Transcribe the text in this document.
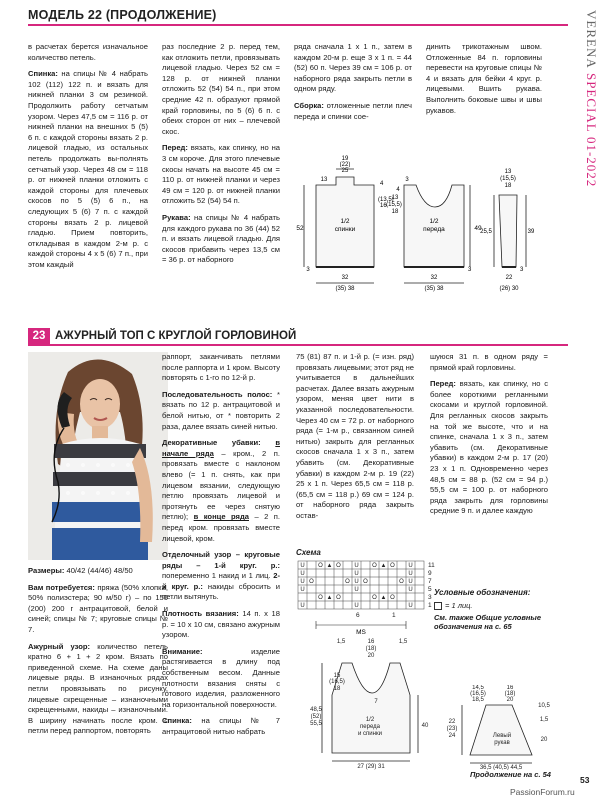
МОДЕЛЬ 22 (ПРОДОЛЖЕНИЕ)	VERENA SPECIAL 01-2022

в расчетах берется изначальное количество петель.

Спинка: на спицы № 4 набрать 102 (112) 122 п. и вязать для нижней планки 3 см резинкой. Продолжить работу сетчатым узором. Через 47,5 см = 116 р. от нижней планки на внешних 5 (5) 6 п. с каждой стороны вязать 2 р. лицевой гладью, из остальных петель продолжать вы-полнять сетчатый узор. Через 48 см = 118 р. от нижней планки отложить с каждой стороны для плечевых скосов по 5 (5) 6 п., на следующих 5 (6) 7 п. с каждой стороны вязать 2 р. лицевой гладью. Прием повторить, откладывая в каждом 2-м р. с каждой стороны 4 х 5 (6) 7 п., при этом каждый

раз последние 2 р. перед тем, как отложить петли, провязывать лицевой гладью. Через 52 см = 128 р. от нижней планки отложить 52 (54) 54 п., при этом средние 42 п. образуют прямой край горловины, по 5 (6) 6 п. с обеих сторон от них – плечевой скос.

Перед: вязать, как спинку, но на 3 см короче. Для этого плечевые скосы начать на высоте 45 см = 110 р. от нижней планки и через 49 см = 120 р. от нижней планки отложить 52 (54) 54 п.

Рукава: на спицы № 4 набрать для каждого рукава по 36 (44) 52 п. и вязать лицевой гладью. Для скосов прибавить через 13,5 см = 36 р. от наборного

ряда сначала 1 х 1 п., затем в каждом 20-м р. еще 3 х 1 п. = 44 (52) 60 п. Через 39 см = 106 р. от наборного ряда закрыть петли в одном ряду.

Сборка: отложенные петли плеч переда и спинки сое-

динить трикотажным швом. Отложенные 84 п. горловины перевести на круговые спицы № 4 и вязать для бейки 4 круг. р. лицевыми. Вшить рукава. Выполнить боковые швы и швы рукавов.

19
(22)
25
13
52
1/2
спинки
3
32
(35) 38
4
(13,5)
16
4
13
(15,5)
18
1/2
переда	49
3
32
(35) 38
3
13
(15,5)
18
25,5	39
3
22
(26) 30
23 АЖУРНЫЙ ТОП С КРУГЛОЙ ГОРЛОВИНОЙ

Размеры: 40/42 (44/46) 48/50

Вам потребуется: пряжа (50% хлопка, 50% полиэстера; 90 м/50 г) – по 150 (200) 200 г антрацитовой, белой и синей; спицы № 7; круговые спицы № 7.

Ажурный узор: количество петель кратно 6 + 1 + 2 кром. Вязать по приведенной схеме. На схеме даны лицевые ряды. В изнаночных рядах петли провязывать по рисунку, лицевые скрещенные – изнаночными скрещенными, накиды – изнаночными. В ширину начинать после кром. с петли перед раппортом, повторять

раппорт, заканчивать петлями после раппорта и 1 кром. Высоту повторять с 1-го по 12-й р.

Последовательность полос: * вязать по 12 р. антрацитовой и белой нитью, от * повторить 2 раза, далее вязать синей нитью.

Декоративные убавки: в начале ряда – кром., 2 п. провязать вместе с наклоном влево (= 1 п. снять, как при лицевом вязании, следующую петлю провязать лицевой и протянуть ее через снятую петлю); в конце ряда – 2 п. перед кром. провязать вместе лицевой, кром.

Отделочный узор – круговые ряды – 1-й круг. р.: попеременно 1 накид и 1 лиц. 2-й круг. р.: накиды сбросить и петли вытянуть.

Плотность вязания: 14 п. х 18 р. = 10 х 10 см, связано ажурным узором.

Внимание:	изделие растягивается в длину под собственным весом. Данные плотности вязания сняты с готового изделия, разложенного на горизонтальной поверхности.

Спинка: на спицы № 7 антрацитовой нитью набрать

75 (81) 87 п. и 1-й р. (= изн. ряд) провязать лицевыми; этот ряд не учитывается в дальнейших расчетах. Далее вязать ажурным узором, меняя цвет нити в указанной последовательности. Через 40 см = 72 р. от наборного ряда (= 1-м р., связанном синей нитью) закрыть для регланных скосов сначала 1 х 3 п., затем убавить (см. Декоративные убавки) в каждом 2-м р. 19 (22) 25 х 1 п. Через 65,5 см = 118 р. (65,5 см = 118 р.) 69 см = 124 р. от наборного ряда закрыть остав-

шуюся 31 п. в одном ряду = прямой край горловины.

Перед: вязать, как спинку, но с более короткими регланными скосами и круглой горловиной. Для регланных скосов закрыть на той же высоте, что и на спинке, сначала 1 х 3 п., затем убавить (см. Декоративные убавки) в каждом 2-м р. 17 (20) 23 х 1 п. Одновременно через 48,5 см = 88 р. (52 см = 94 р.) 55,5 см = 100 р. от наборного ряда закрыть для горловины средние 9 п. и далее каждую

Схема
U O ▲ O U O ▲ O U
U	U	U
U O	O U O	O U
U	U	U
O ▲ O	O ▲ O
U	U	U
11
9
7
5
3
1
6	1
MS
Условные обозначения:
= 1 лиц.
См. также Общие условные
обозначения на с. 65
1,5	16
(18)
20
1,5
15
(16,5)
18
48,5
(52)
55,5
7
1/2
переда
и спинки
40
27 (29) 31
14,5
(16,5)
18,5
16
(18)
20
22
(23)
24
10,5
1,5
20
Левый
рукав
36,5 (40,5) 44,5
Продолжение на с. 54
53
PassionForum.ru
